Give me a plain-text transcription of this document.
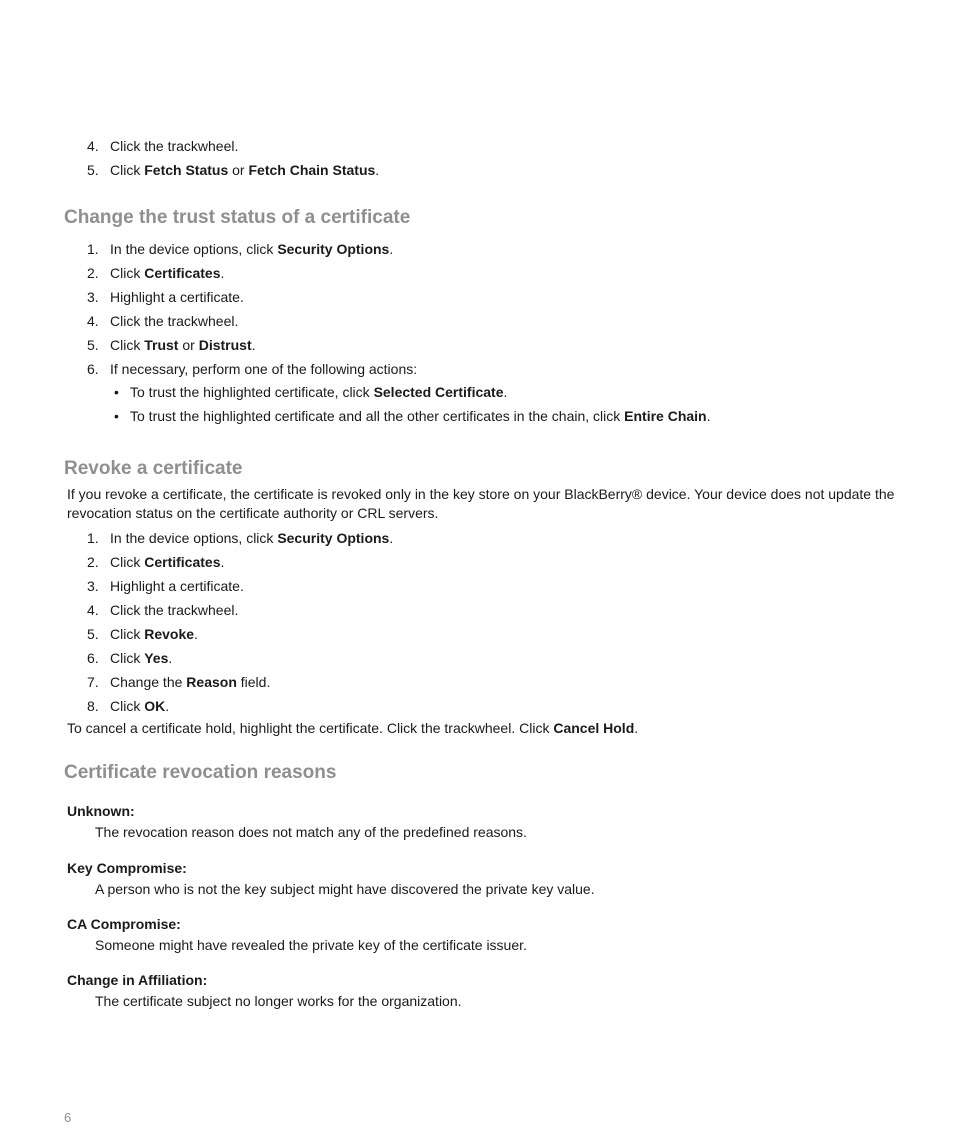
4. Click the trackwheel.
5. Click Fetch Status or Fetch Chain Status.
Change the trust status of a certificate
1. In the device options, click Security Options.
2. Click Certificates.
3. Highlight a certificate.
4. Click the trackwheel.
5. Click Trust or Distrust.
6. If necessary, perform one of the following actions:
• To trust the highlighted certificate, click Selected Certificate.
• To trust the highlighted certificate and all the other certificates in the chain, click Entire Chain.
Revoke a certificate

If you revoke a certificate, the certificate is revoked only in the key store on your BlackBerry® device. Your device does not update the revocation status on the certificate authority or CRL servers.

1. In the device options, click Security Options.
2. Click Certificates.
3. Highlight a certificate.
4. Click the trackwheel.
5. Click Revoke.
6. Click Yes.
7. Change the Reason field.
8. Click OK.

To cancel a certificate hold, highlight the certificate. Click the trackwheel. Click Cancel Hold.

Certificate revocation reasons
Unknown:
The revocation reason does not match any of the predefined reasons.
Key Compromise:
A person who is not the key subject might have discovered the private key value.
CA Compromise:
Someone might have revealed the private key of the certificate issuer.
Change in Affiliation:
The certificate subject no longer works for the organization.
6
